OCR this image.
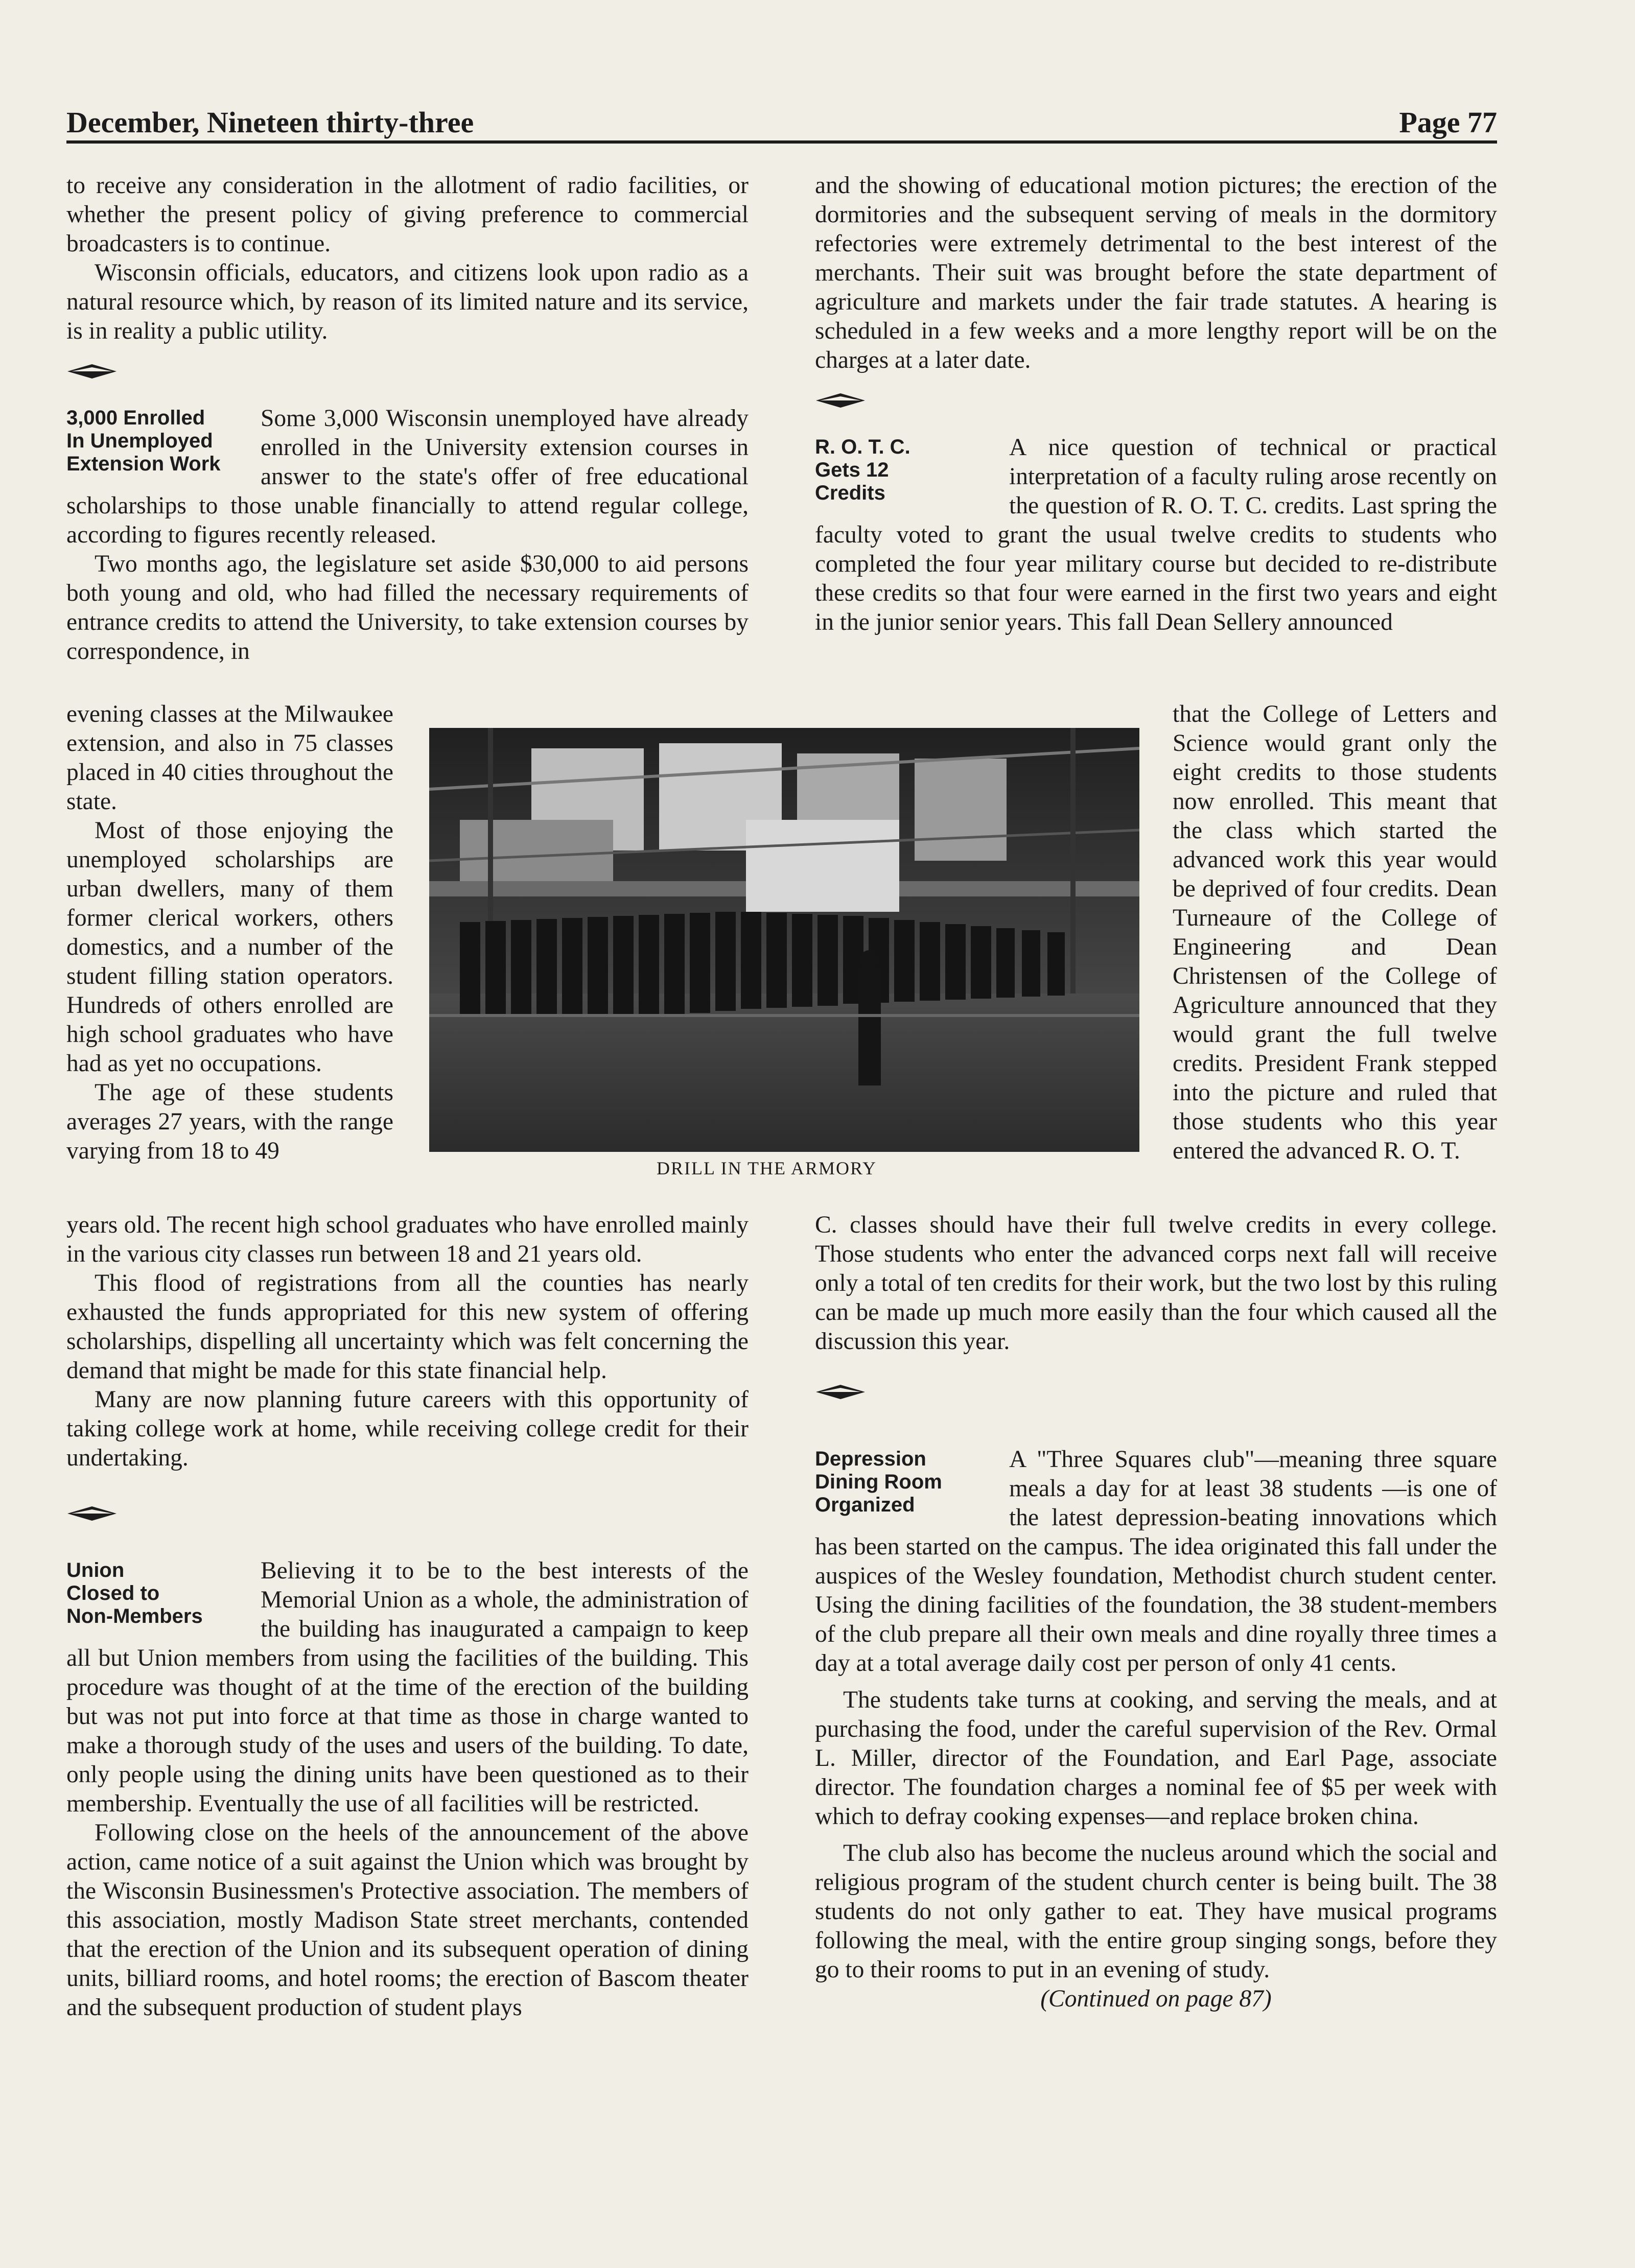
December, Nineteen thirty-three	Page 77

to receive any consideration in the allotment of radio facilities, or whether the present policy of giving preference to commercial broadcasters is to continue.

Wisconsin officials, educators, and citizens look upon radio as a natural resource which, by reason of its limited nature and its service, is in reality a public utility.

3,000 Enrolled
In Unemployed
Extension Work

Some 3,000 Wisconsin unemployed have already enrolled in the University extension courses in answer to the state's offer of free educational scholarships to those unable financially to attend regular college, according to figures recently released.

Two months ago, the legislature set aside $30,000 to aid persons both young and old, who had filled the necessary requirements of entrance credits to attend the University, to take extension courses by correspondence, in

evening classes at the Milwaukee extension, and also in 75 classes placed in 40 cities throughout the state.

Most of those enjoying the unemployed scholarships are urban dwellers, many of them former clerical workers, others domestics, and a number of the student filling station operators. Hundreds of others enrolled are high school graduates who have had as yet no occupations.

The age of these students averages 27 years, with the range varying from 18 to 49

DRILL IN THE ARMORY

years old. The recent high school graduates who have enrolled mainly in the various city classes run between 18 and 21 years old.

This flood of registrations from all the counties has nearly exhausted the funds appropriated for this new system of offering scholarships, dispelling all uncertainty which was felt concerning the demand that might be made for this state financial help.

Many are now planning future careers with this opportunity of taking college work at home, while receiving college credit for their undertaking.

Union
Closed to
Non-Members

Believing it to be to the best interests of the Memorial Union as a whole, the administration of the building has inaugurated a campaign to keep all but Union members from using the facilities of the building. This procedure was thought of at the time of the erection of the building but was not put into force at that time as those in charge wanted to make a thorough study of the uses and users of the building. To date, only people using the dining units have been questioned as to their membership. Eventually the use of all facilities will be restricted.

Following close on the heels of the announcement of the above action, came notice of a suit against the Union which was brought by the Wisconsin Businessmen's Protective association. The members of this association, mostly Madison State street merchants, contended that the erection of the Union and its subsequent operation of dining units, billiard rooms, and hotel rooms; the erection of Bascom theater and the subsequent production of student plays

and the showing of educational motion pictures; the erection of the dormitories and the subsequent serving of meals in the dormitory refectories were extremely detrimental to the best interest of the merchants. Their suit was brought before the state department of agriculture and markets under the fair trade statutes. A hearing is scheduled in a few weeks and a more lengthy report will be on the charges at a later date.

R. O. T. C.
Gets 12
Credits

A nice question of technical or practical interpretation of a faculty ruling arose recently on the question of R. O. T. C. credits. Last spring the faculty voted to grant the usual twelve credits to students who completed the four year military course but decided to re-distribute these credits so that four were earned in the first two years and eight in the junior senior years. This fall Dean Sellery announced

that the College of Letters and Science would grant only the eight credits to those students now enrolled. This meant that the class which started the advanced work this year would be deprived of four credits. Dean Turneaure of the College of Engineering and Dean Christensen of the College of Agriculture announced that they would grant the full twelve credits. President Frank stepped into the picture and ruled that those students who this year entered the advanced R. O. T.

C. classes should have their full twelve credits in every college. Those students who enter the advanced corps next fall will receive only a total of ten credits for their work, but the two lost by this ruling can be made up much more easily than the four which caused all the discussion this year.

Depression
Dining Room
Organized

A "Three Squares club"—meaning three square meals a day for at least 38 students —is one of the latest depression-beating innovations which has been started on the campus. The idea originated this fall under the auspices of the Wesley foundation, Methodist church student center. Using the dining facilities of the foundation, the 38 student-members of the club prepare all their own meals and dine royally three times a day at a total average daily cost per person of only 41 cents.

The students take turns at cooking, and serving the meals, and at purchasing the food, under the careful supervision of the Rev. Ormal L. Miller, director of the Foundation, and Earl Page, associate director. The foundation charges a nominal fee of $5 per week with which to defray cooking expenses—and replace broken china.

The club also has become the nucleus around which the social and religious program of the student church center is being built. The 38 students do not only gather to eat. They have musical programs following the meal, with the entire group singing songs, before they go to their rooms to put in an evening of study.

(Continued on page 87)
